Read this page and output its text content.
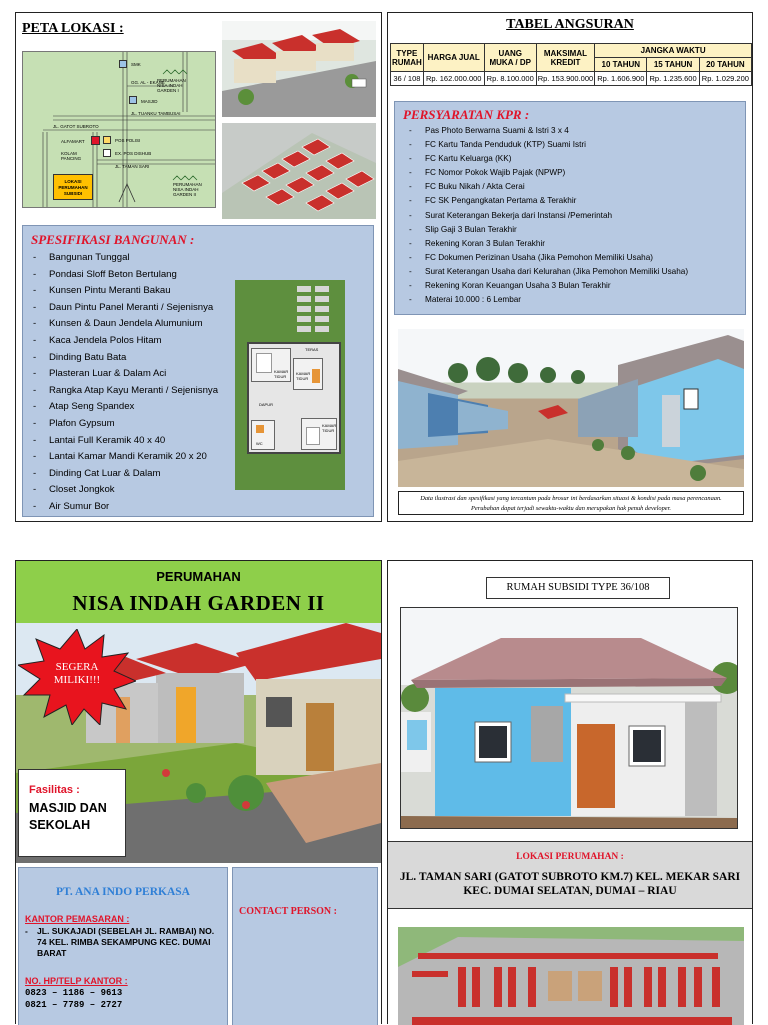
PETA LOKASI :
SMK
GG. AL - EKANE
PERUMAHAN NISA INDAH GARDEN I
MASJID
JL. TUANKU TAMBUSAI
JL. GATOT SUBROTO
ALFAMART	POS POLISI
EX. POS DISHUB
KOLAM PANCING
JL. TAMAN SARI
PERUMAHAN NISA INDAH GARDEN II
LOKASI PERUMAHAN SUBSIDI
SPESIFIKASI BANGUNAN :
- Bangunan Tunggal
- Pondasi Sloff Beton Bertulang
- Kunsen Pintu Meranti Bakau
- Daun Pintu Panel Meranti / Sejenisnya
- Kunsen & Daun Jendela Alumunium
- Kaca Jendela Polos Hitam
- Dinding Batu Bata
- Plasteran Luar & Dalam Aci
- Rangka Atap Kayu Meranti / Sejenisnya
- Atap Seng Spandex
- Plafon Gypsum
- Lantai Full Keramik 40 x 40
- Lantai Kamar Mandi Keramik 20 x 20
- Dinding Cat Luar & Dalam
- Closet Jongkok
- Air Sumur Bor
TERAS
KAMAR TIDUR
KAMAR TIDUR
DAPUR
WC
KAMAR TIDUR
TABEL ANGSURAN
TYPE RUMAH	HARGA JUAL	UANG MUKA / DP	MAKSIMAL KREDIT	JANGKA WAKTU		
				10 TAHUN	15 TAHUN	20 TAHUN
36 / 108	Rp. 162.000.000	Rp. 8.100.000	Rp. 153.900.000	Rp. 1.606.900	Rp. 1.235.600	Rp. 1.029.200
PERSYARATAN KPR :
- Pas Photo Berwarna Suami & Istri 3 x 4
- FC Kartu Tanda Penduduk (KTP) Suami Istri
- FC Kartu Keluarga (KK)
- FC Nomor Pokok Wajib Pajak (NPWP)
- FC Buku Nikah / Akta Cerai
- FC SK Pengangkatan Pertama & Terakhir
- Surat Keterangan Bekerja dari Instansi /Pemerintah
- Slip Gaji 3 Bulan Terakhir
- Rekening Koran 3 Bulan Terakhir
- FC Dokumen Perizinan Usaha (Jika Pemohon Memiliki Usaha)
- Surat Keterangan Usaha dari Kelurahan (Jika Pemohon Memiliki Usaha)
- Rekening Koran Keuangan Usaha 3 Bulan Terakhir
- Materai 10.000 : 6 Lembar
Data ilustrasi dan spesifikasi yang tercantum pada brosur ini berdasarkan situasi & kondisi pada masa perencanaan. Perubahan dapat terjadi sewaktu-waktu dan merupakan hak penuh developer.
PERUMAHAN
NISA INDAH GARDEN II
SEGERA MILIKI!!!
Fasilitas :
MASJID DAN SEKOLAH
PT. ANA INDO PERKASA
KANTOR PEMASARAN :
- JL. SUKAJADI (SEBELAH JL. RAMBAI) NO. 74 KEL. RIMBA SEKAMPUNG KEC. DUMAI BARAT
NO. HP/TELP KANTOR :
0823 – 1186 – 9613
0821 – 7789 – 2727
CONTACT PERSON :
RUMAH SUBSIDI TYPE 36/108
LOKASI PERUMAHAN :
JL. TAMAN SARI (GATOT SUBROTO KM.7) KEL. MEKAR SARI KEC. DUMAI SELATAN, DUMAI – RIAU
